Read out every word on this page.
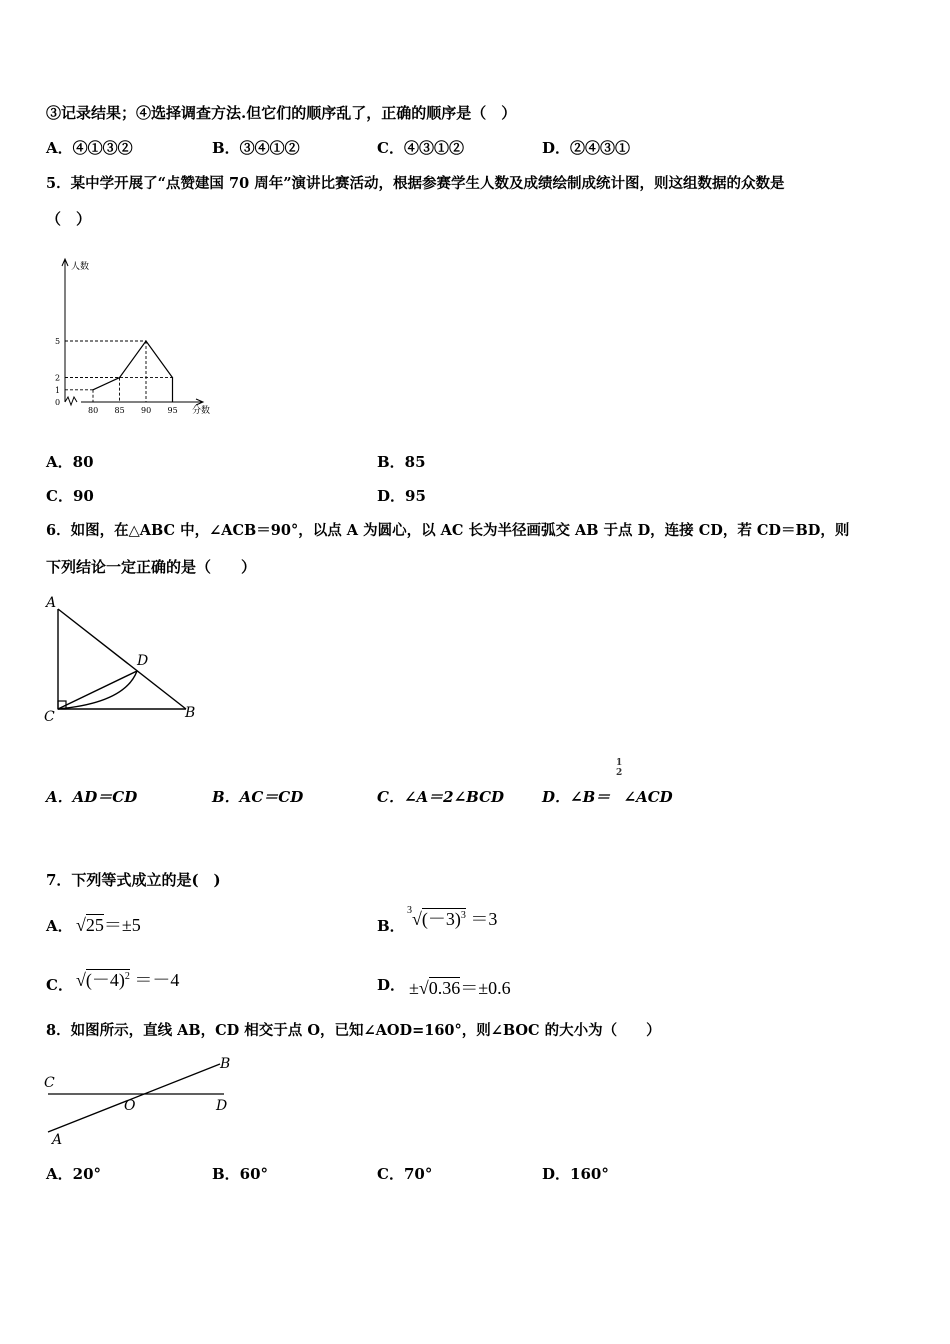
③记录结果；④选择调查方法.但它们的顺序乱了，正确的顺序是（　）
A．④①③②	B．③④①②	C．④③①②	D．②④③①
5．某中学开展了“点赞建国 70 周年”演讲比赛活动，根据参赛学生人数及成绩绘制成统计图，则这组数据的众数是
（　）
人数
分数
0
1
2
5
80 85 90 95
A．80	B．85
C．90	D．95
6．如图，在△ABC 中，∠ACB＝90°，以点 A 为圆心，以 AC 长为半径画弧交 AB 于点 D，连接 CD，若 CD＝BD，则
下列结论一定正确的是（　　）
A
D
C	B
A．AD＝CD	B．AC＝CD	C．∠A＝2∠BCD	D．∠B＝
1
2
∠ACD
7．下列等式成立的是(　)
A． √25＝±5	B．
$^3√(-3)^3 =3$
C． $√(-4)^2 =-4$	D． ±√0.36＝±0.6
8．如图所示，直线 AB，CD 相交于点 O，已知∠AOD=160°，则∠BOC 的大小为（　　）
C
B
O	D
A
A．20°	B．60°	C．70°	D．160°
